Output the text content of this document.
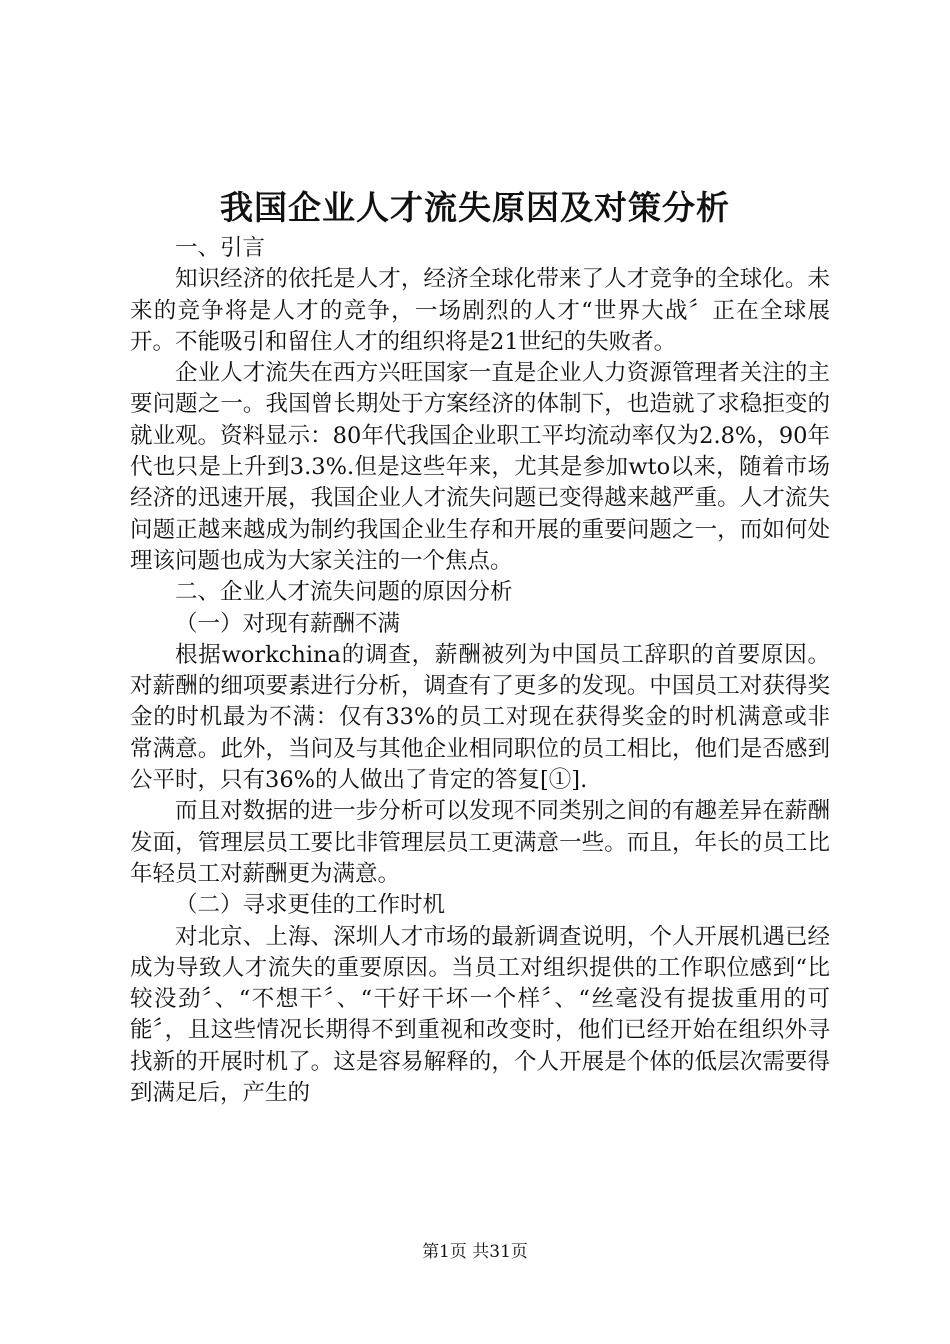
我国企业人才流失原因及对策分析

一、引言

知识经济的依托是人才，经济全球化带来了人才竞争的全球化。未来的竞争将是人才的竞争，一场剧烈的人才“世界大战〞正在全球展开。不能吸引和留住人才的组织将是21世纪的失败者。

企业人才流失在西方兴旺国家一直是企业人力资源管理者关注的主要问题之一。我国曾长期处于方案经济的体制下，也造就了求稳拒变的就业观。资料显示：80年代我国企业职工平均流动率仅为2.8%，90年代也只是上升到3.3%.但是这些年来，尤其是参加wto以来，随着市场经济的迅速开展，我国企业人才流失问题已变得越来越严重。人才流失问题正越来越成为制约我国企业生存和开展的重要问题之一，而如何处理该问题也成为大家关注的一个焦点。

二、企业人才流失问题的原因分析

（一）对现有薪酬不满

根据workchina的调查，薪酬被列为中国员工辞职的首要原因。对薪酬的细项要素进行分析，调查有了更多的发现。中国员工对获得奖金的时机最为不满：仅有33%的员工对现在获得奖金的时机满意或非常满意。此外，当问及与其他企业相同职位的员工相比，他们是否感到公平时，只有36%的人做出了肯定的答复[①].

而且对数据的进一步分析可以发现不同类别之间的有趣差异在薪酬发面，管理层员工要比非管理层员工更满意一些。而且，年长的员工比年轻员工对薪酬更为满意。

（二）寻求更佳的工作时机

对北京、上海、深圳人才市场的最新调查说明，个人开展机遇已经成为导致人才流失的重要原因。当员工对组织提供的工作职位感到“比较没劲〞、“不想干〞、“干好干坏一个样〞、“丝毫没有提拔重用的可能〞，且这些情况长期得不到重视和改变时，他们已经开始在组织外寻找新的开展时机了。这是容易解释的，个人开展是个体的低层次需要得到满足后，产生的

第1页 共31页
